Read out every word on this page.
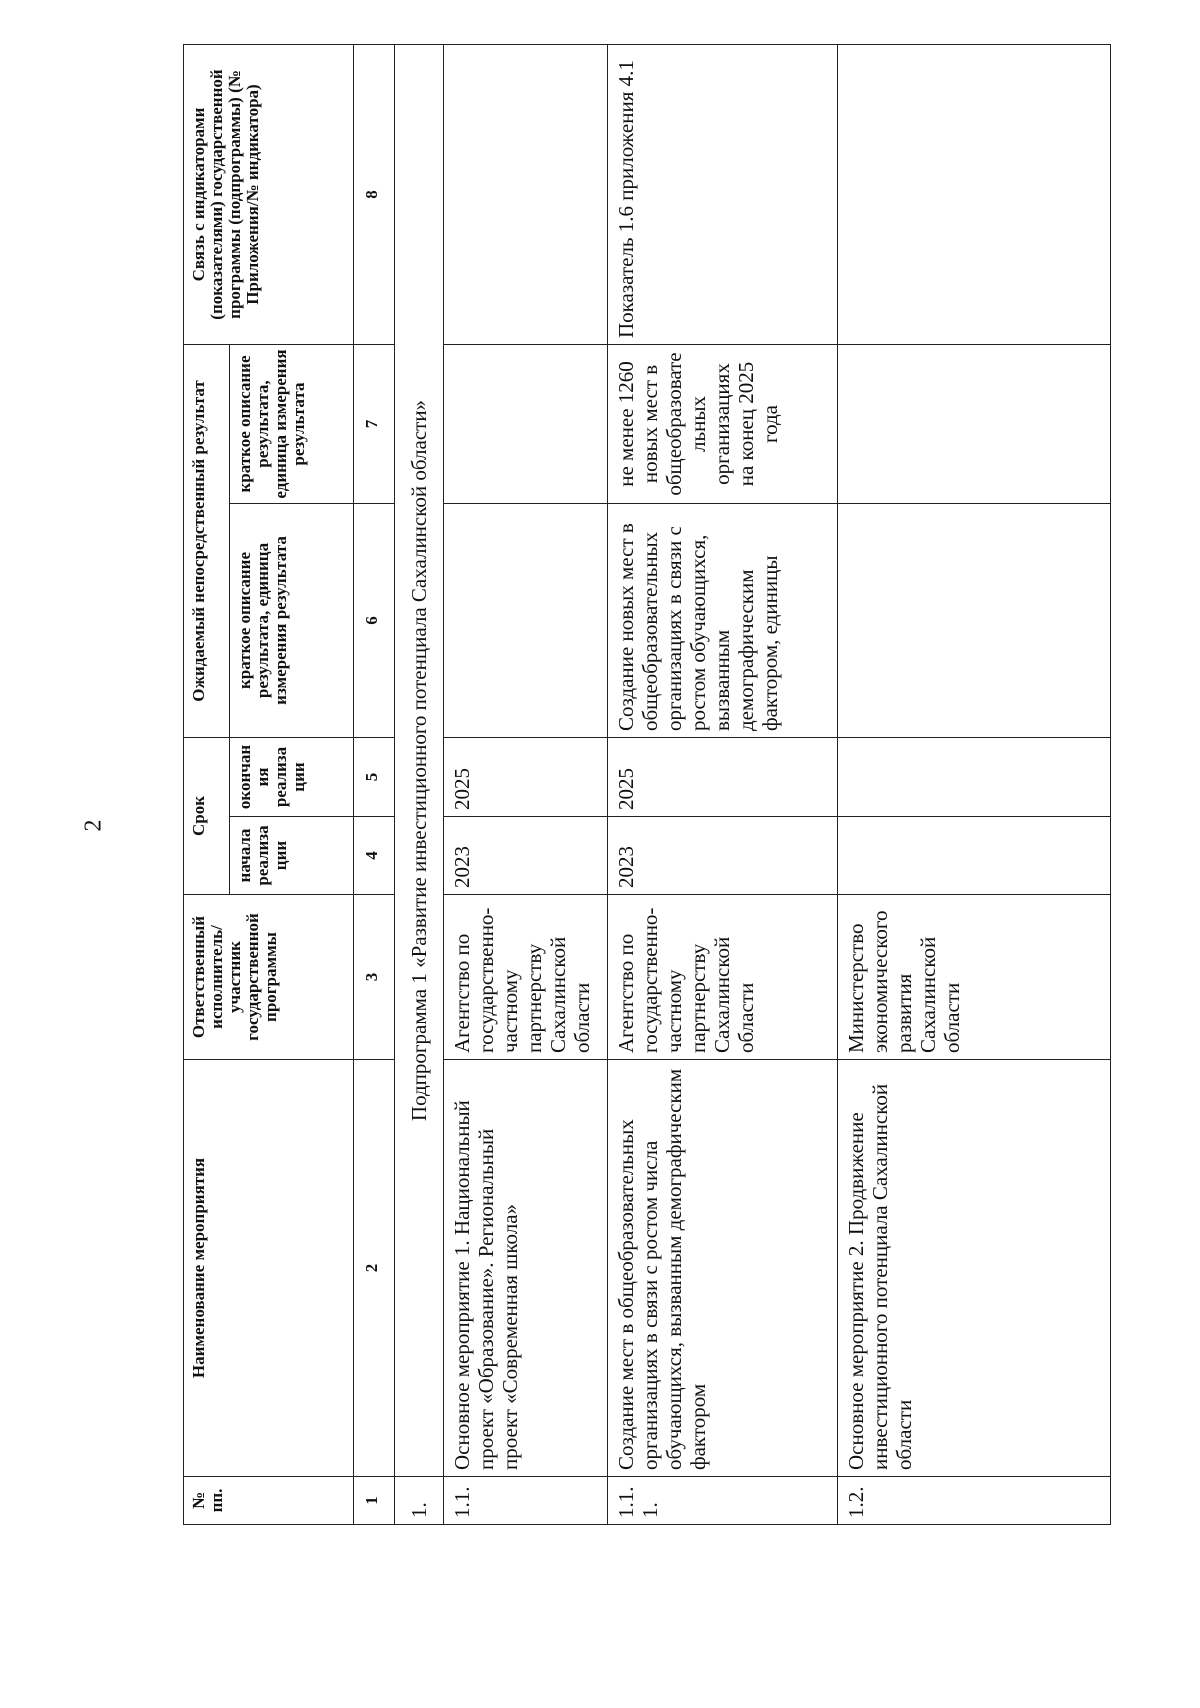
2
№ пп.	Наименование мероприятия	Ответственный исполнитель/участник государственной программы	Срок		Ожидаемый непосредственный результат		Связь с индикаторами (показателями) государственной программы (подпрограммы) (№ Приложения/№ индикатора)
			начала реализации	окончания реализации	краткое описание результата, единица измерения результата	краткое описание результата, единица измерения результата	
1	2	3	4	5	6	7	8
1.	Подпрограмма 1 «Развитие инвестиционного потенциала Сахалинской области»						
1.1.	Основное мероприятие 1. Национальный проект «Образование». Региональный проект «Современная школа»	Агентство по государственно-частному партнерству Сахалинской области	2023	2025			
1.1.1.	Создание мест в общеобразовательных организациях в связи с ростом числа обучающихся, вызванным демографическим фактором	Агентство по государственно-частному партнерству Сахалинской области	2023	2025	Создание новых мест в общеобразовательных организациях в связи с ростом обучающихся, вызванным демографическим фактором, единицы	не менее 1260 новых мест в общеобразовательных организациях на конец 2025 года	Показатель 1.6 приложения 4.1
1.2.	Основное мероприятие 2. Продвижение инвестиционного потенциала Сахалинской области	Министерство экономического развития Сахалинской области					
